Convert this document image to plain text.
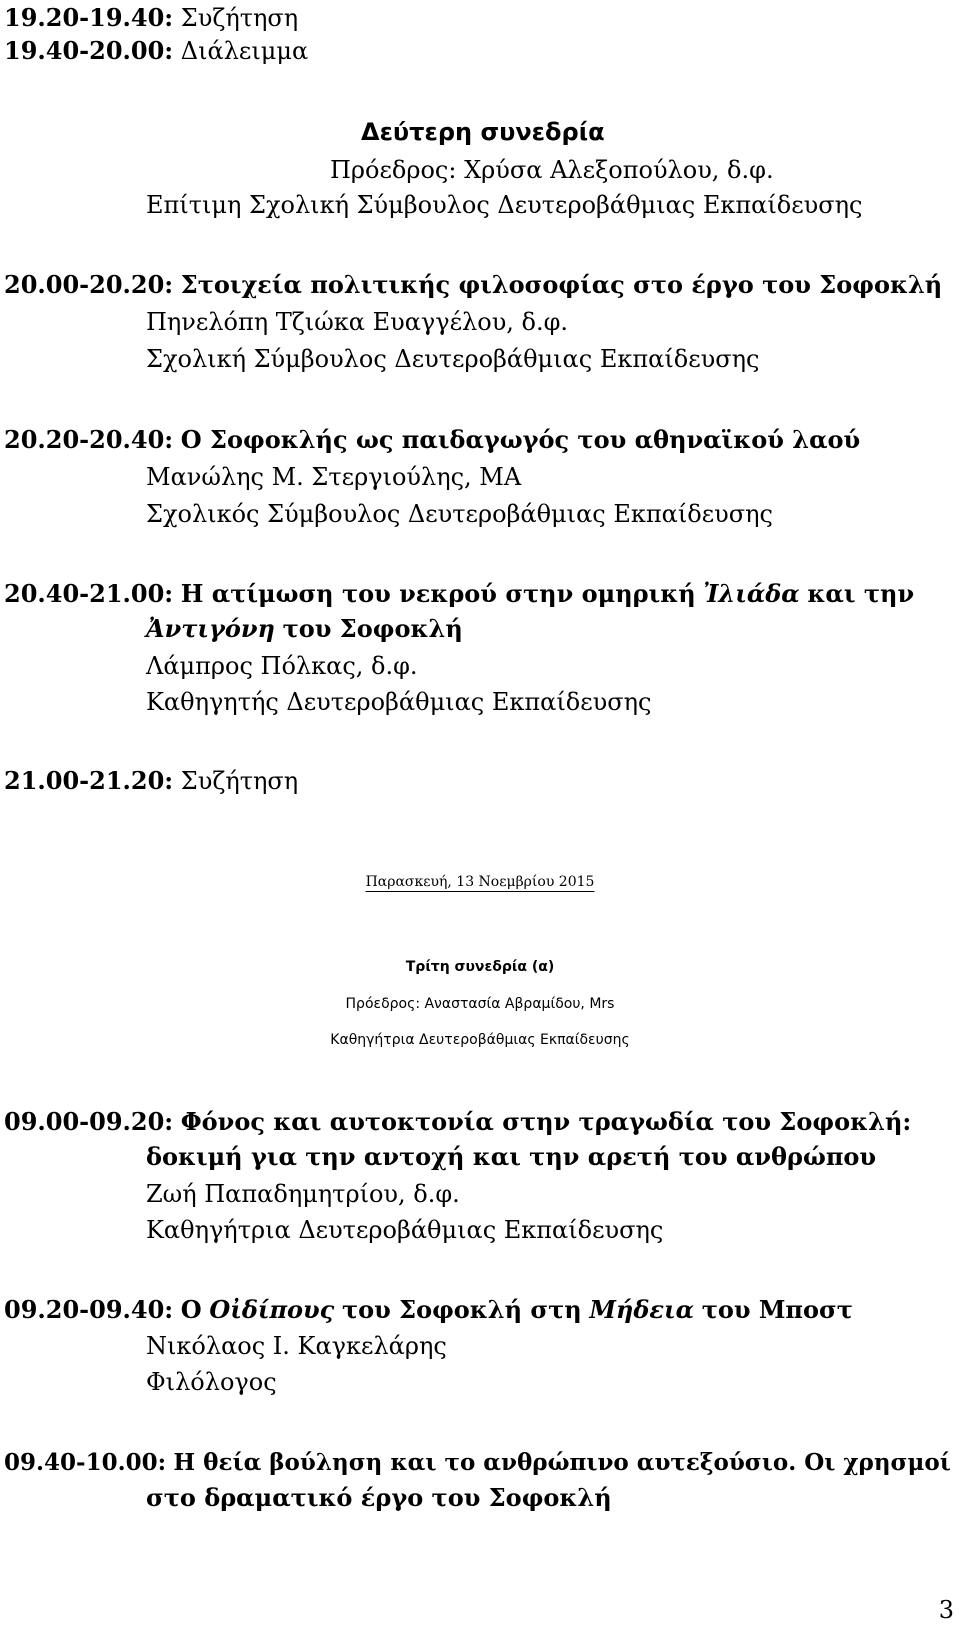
19.20-19.40: Συζήτηση
19.40-20.00: Διάλειμμα
Δεύτερη συνεδρία
Πρόεδρος: Χρύσα Αλεξοπούλου, δ.φ.
Επίτιμη Σχολική Σύμβουλος Δευτεροβάθμιας Εκπαίδευσης
20.00-20.20: Στοιχεία πολιτικής φιλοσοφίας στο έργο του Σοφοκλή
Πηνελόπη Τζιώκα Ευαγγέλου, δ.φ.
Σχολική Σύμβουλος Δευτεροβάθμιας Εκπαίδευσης
20.20-20.40: Ο Σοφοκλής ως παιδαγωγός του αθηναϊκού λαού
Μανώλης Μ. Στεργιούλης, ΜΑ
Σχολικός Σύμβουλος Δευτεροβάθμιας Εκπαίδευσης
20.40-21.00: Η ατίμωση του νεκρού στην ομηρική Ἰλιάδα και την
Ἀντιγόνη του Σοφοκλή
Λάμπρος Πόλκας, δ.φ.
Καθηγητής Δευτεροβάθμιας Εκπαίδευσης
21.00-21.20: Συζήτηση
Παρασκευή, 13 Νοεμβρίου 2015
Τρίτη συνεδρία (α)
Πρόεδρος: Αναστασία Αβραμίδου, Mrs
Καθηγήτρια Δευτεροβάθμιας Εκπαίδευσης
09.00-09.20: Φόνος και αυτοκτονία στην τραγωδία του Σοφοκλή:
δοκιμή για την αντοχή και την αρετή του ανθρώπου
Ζωή Παπαδημητρίου, δ.φ.
Καθηγήτρια Δευτεροβάθμιας Εκπαίδευσης
09.20-09.40: Ο Οἰδίπους του Σοφοκλή στη Μήδεια του Μποστ
Νικόλαος Ι. Καγκελάρης
Φιλόλογος
09.40-10.00: Η θεία βούληση και το ανθρώπινο αυτεξούσιο. Οι χρησμοί
στο δραματικό έργο του Σοφοκλή
3
